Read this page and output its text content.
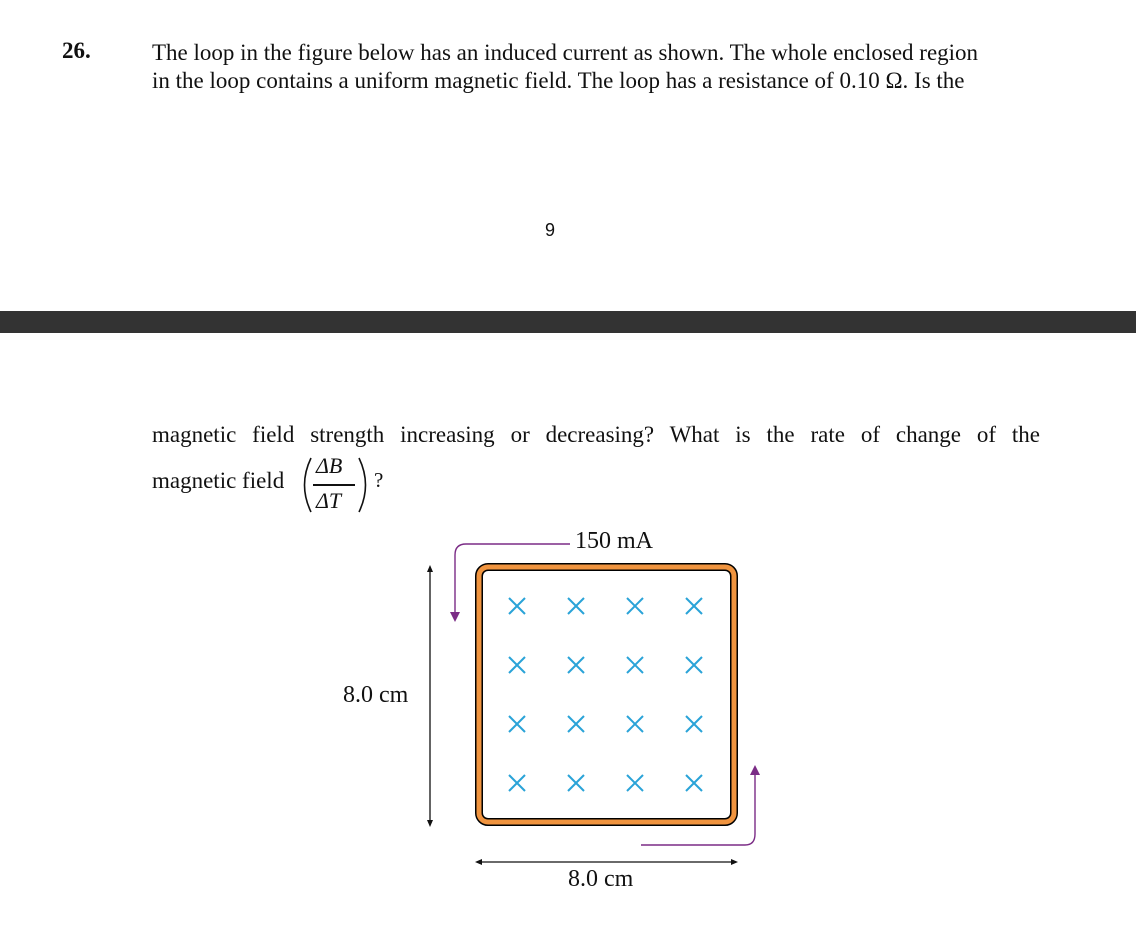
26.	The loop in the figure below has an induced current as shown. The whole enclosed region
in the loop contains a uniform magnetic field. The loop has a resistance of 0.10 Ω. Is the
9
magnetic field strength increasing or decreasing? What is the rate of change of the
magnetic field
ΔB
ΔT
?
150 mA
8.0 cm
8.0 cm
